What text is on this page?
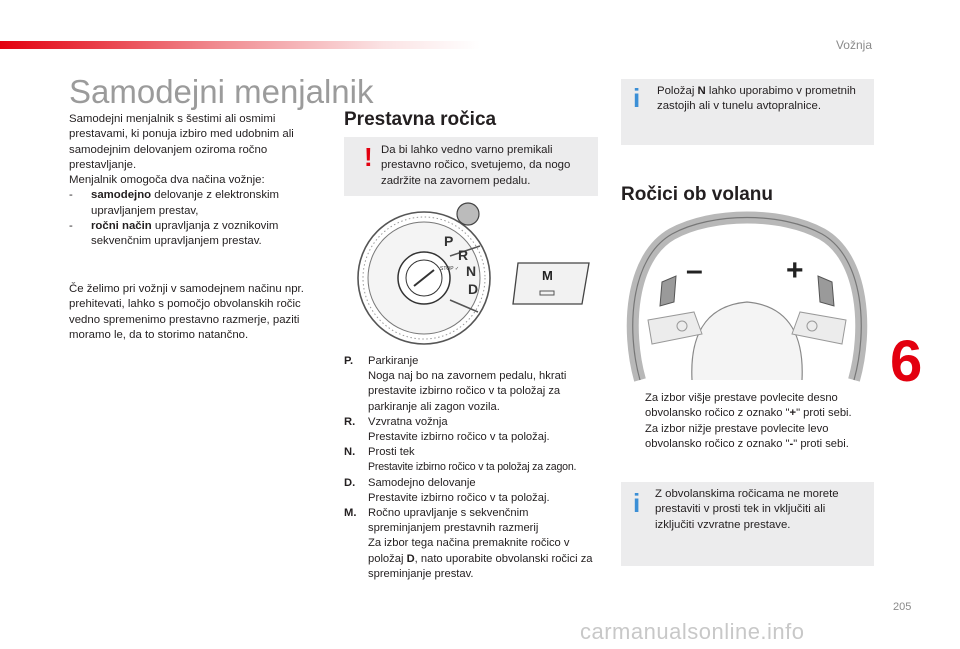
Vožnja
6
205
carmanualsonline.info
Samodejni menjalnik
Samodejni menjalnik s šestimi ali osmimi prestavami, ki ponuja izbiro med udobnim ali samodejnim delovanjem oziroma ročno prestavljanje.
Menjalnik omogoča dva načina vožnje:
- samodejno delovanje z elektronskim upravljanjem prestav,
- ročni način upravljanja z voznikovim sekvenčnim upravljanjem prestav.
Če želimo pri vožnji v samodejnem načinu npr. prehitevati, lahko s pomočjo obvolanskih ročic vedno spremenimo prestavno razmerje, paziti moramo le, da to storimo natančno.
Prestavna ročica
! Da bi lahko vedno varno premikali prestavno ročico, svetujemo, da nogo zadržite na zavornem pedalu.
P
R
N
D
STOP ✓	M
P. Parkiranje
Noga naj bo na zavornem pedalu, hkrati prestavite izbirno ročico v ta položaj za parkiranje ali zagon vozila.
R. Vzvratna vožnja
Prestavite izbirno ročico v ta položaj.
N. Prosti tek
Prestavite izbirno ročico v ta položaj za zagon.
D. Samodejno delovanje
Prestavite izbirno ročico v ta položaj.
M. Ročno upravljanje s sekvenčnim spreminjanjem prestavnih razmerij
Za izbor tega načina premaknite ročico v položaj D, nato uporabite obvolanski ročici za spreminjanje prestav.
i Položaj N lahko uporabimo v prometnih zastojih ali v tunelu avtopralnice.
Ročici ob volanu
–	+
Za izbor višje prestave povlecite desno obvolansko ročico z oznako "+" proti sebi.
Za izbor nižje prestave povlecite levo obvolansko ročico z oznako "-" proti sebi.
i Z obvolanskima ročicama ne morete prestaviti v prosti tek in vključiti ali izključiti vzvratne prestave.
